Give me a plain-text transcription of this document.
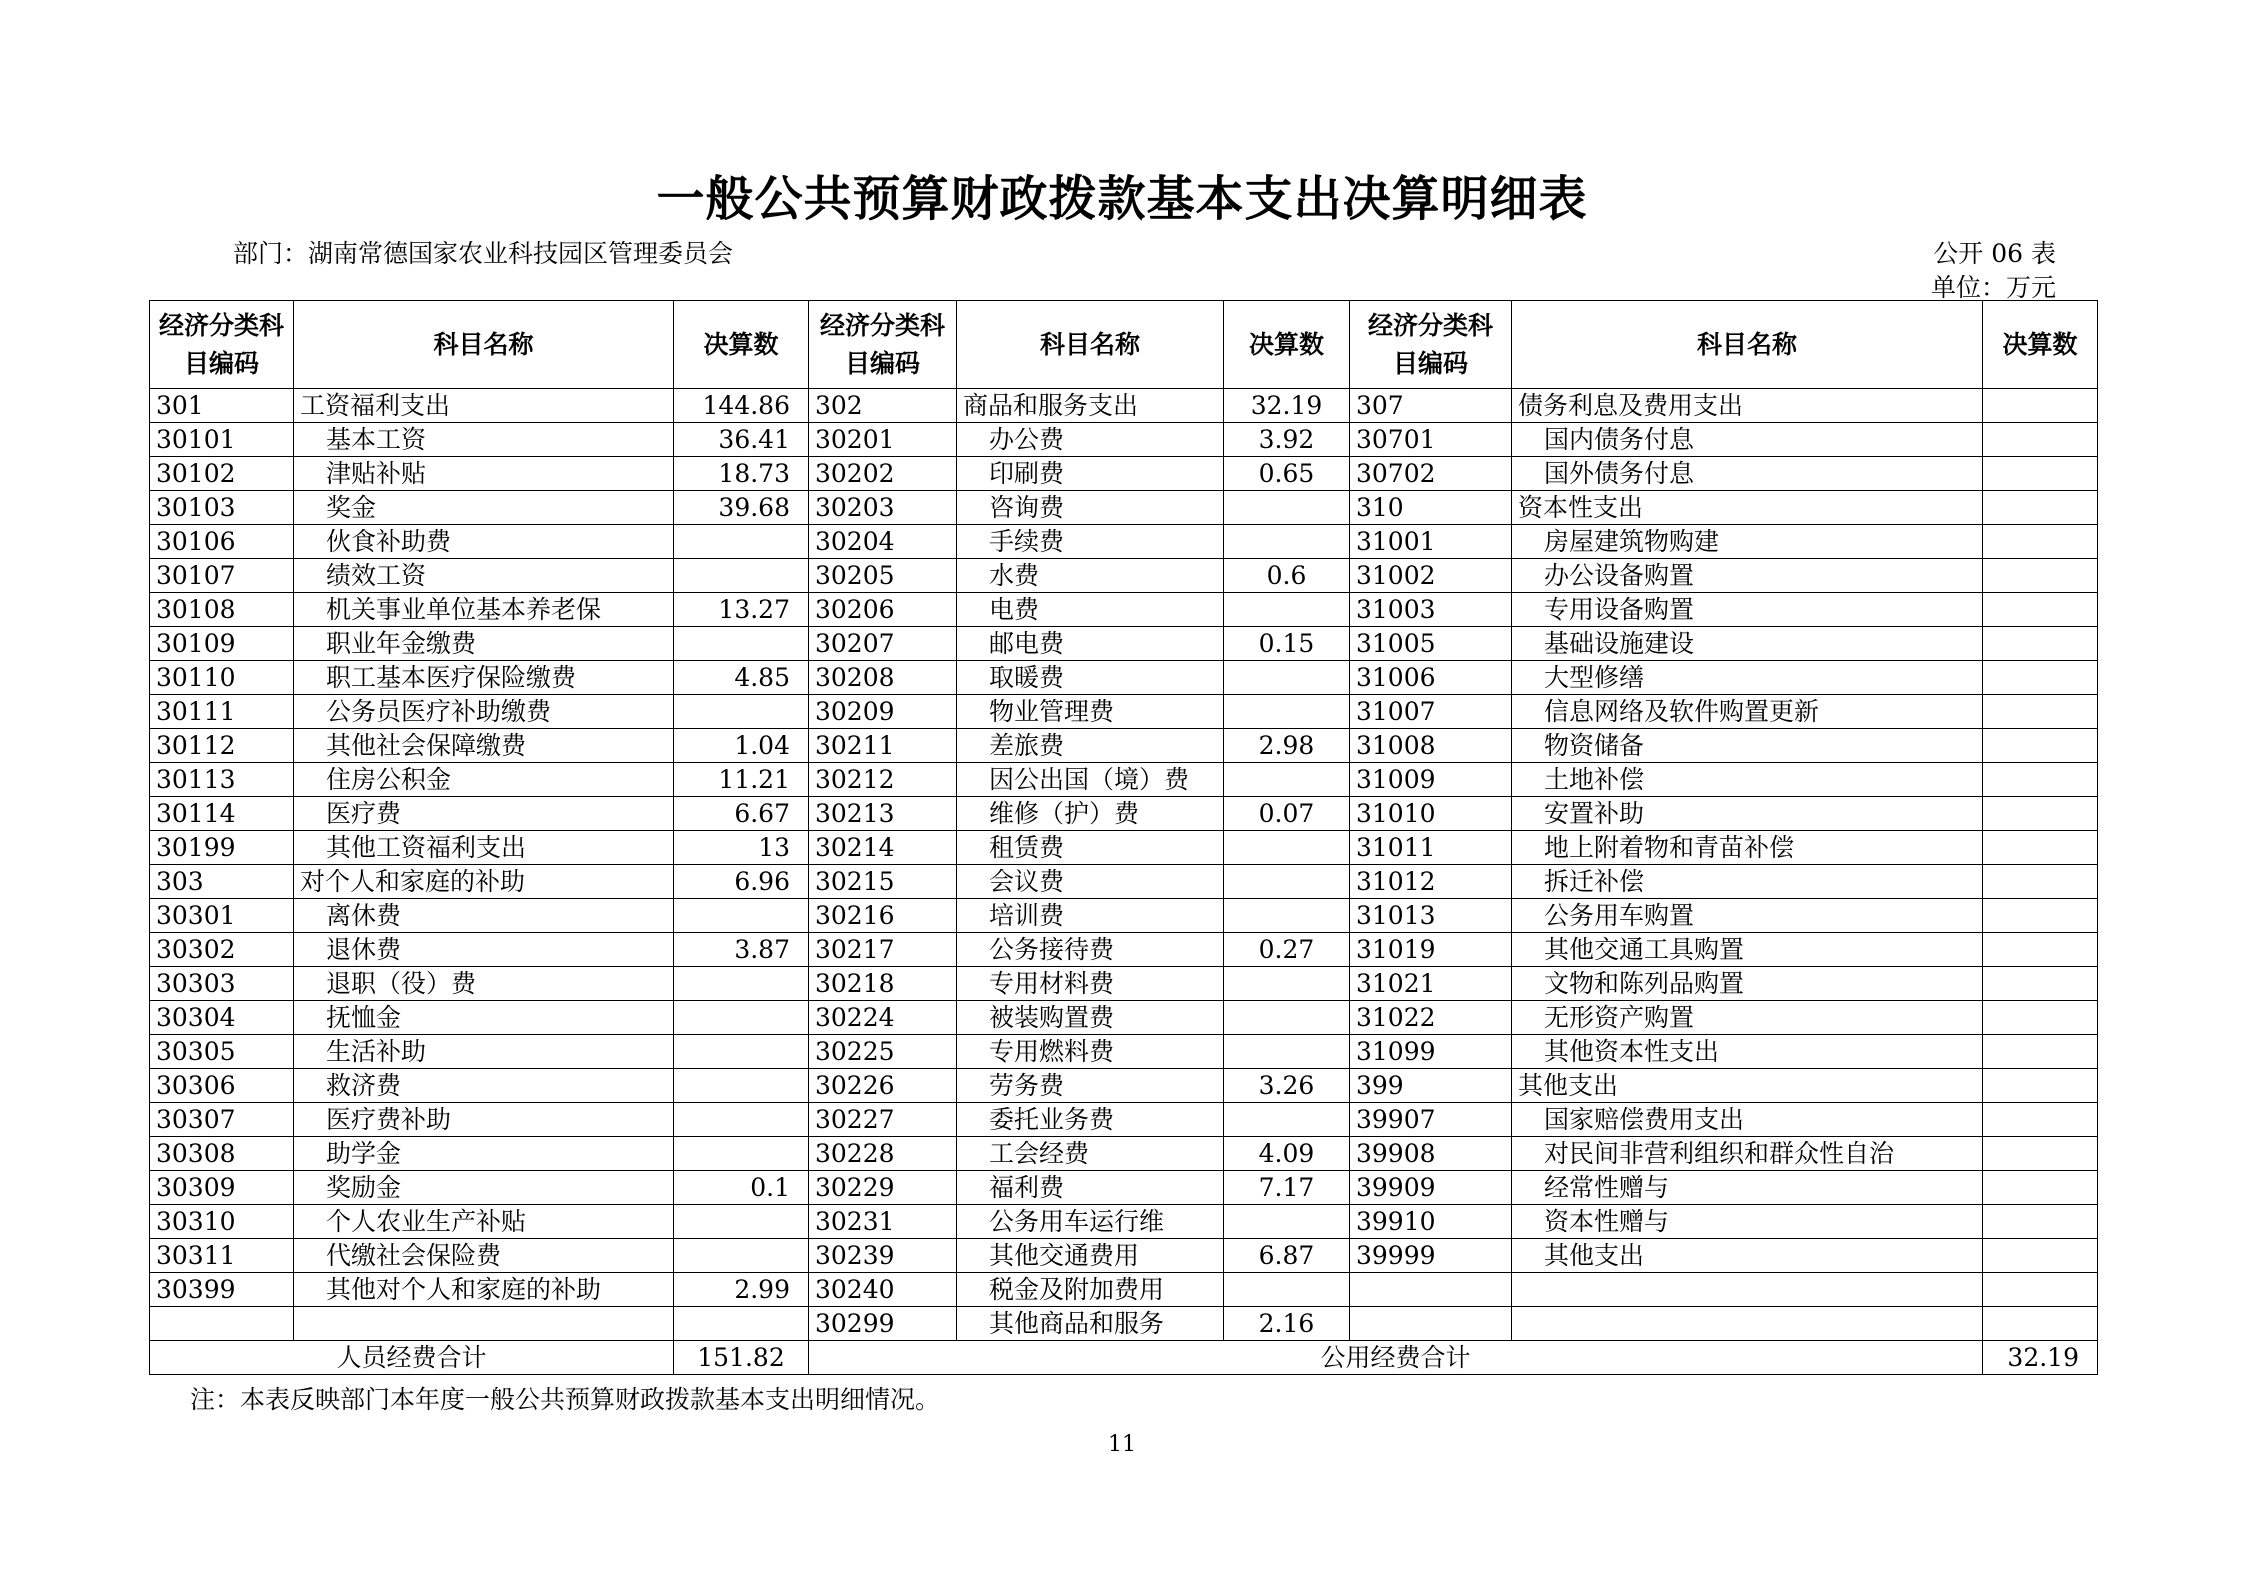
一般公共预算财政拨款基本支出决算明细表
部门：湖南常德国家农业科技园区管理委员会	公开 06 表
单位：万元
经济分类科目编码	科目名称	决算数	经济分类科目编码	科目名称	决算数	经济分类科目编码	科目名称	决算数
301	工资福利支出	144.86	302	商品和服务支出	32.19	307	债务利息及费用支出	
30101	基本工资	36.41	30201	办公费	3.92	30701	国内债务付息	
30102	津贴补贴	18.73	30202	印刷费	0.65	30702	国外债务付息	
30103	奖金	39.68	30203	咨询费		310	资本性支出	
30106	伙食补助费		30204	手续费		31001	房屋建筑物购建	
30107	绩效工资		30205	水费	0.6	31002	办公设备购置	
30108	机关事业单位基本养老保	13.27	30206	电费		31003	专用设备购置	
30109	职业年金缴费		30207	邮电费	0.15	31005	基础设施建设	
30110	职工基本医疗保险缴费	4.85	30208	取暖费		31006	大型修缮	
30111	公务员医疗补助缴费		30209	物业管理费		31007	信息网络及软件购置更新	
30112	其他社会保障缴费	1.04	30211	差旅费	2.98	31008	物资储备	
30113	住房公积金	11.21	30212	因公出国（境）费		31009	土地补偿	
30114	医疗费	6.67	30213	维修（护）费	0.07	31010	安置补助	
30199	其他工资福利支出	13	30214	租赁费		31011	地上附着物和青苗补偿	
303	对个人和家庭的补助	6.96	30215	会议费		31012	拆迁补偿	
30301	离休费		30216	培训费		31013	公务用车购置	
30302	退休费	3.87	30217	公务接待费	0.27	31019	其他交通工具购置	
30303	退职（役）费		30218	专用材料费		31021	文物和陈列品购置	
30304	抚恤金		30224	被装购置费		31022	无形资产购置	
30305	生活补助		30225	专用燃料费		31099	其他资本性支出	
30306	救济费		30226	劳务费	3.26	399	其他支出	
30307	医疗费补助		30227	委托业务费		39907	国家赔偿费用支出	
30308	助学金		30228	工会经费	4.09	39908	对民间非营利组织和群众性自治	
30309	奖励金	0.1	30229	福利费	7.17	39909	经常性赠与	
30310	个人农业生产补贴		30231	公务用车运行维		39910	资本性赠与	
30311	代缴社会保险费		30239	其他交通费用	6.87	39999	其他支出	
30399	其他对个人和家庭的补助	2.99	30240	税金及附加费用				
			30299	其他商品和服务	2.16			
人员经费合计		151.82	公用经费合计					32.19
注：本表反映部门本年度一般公共预算财政拨款基本支出明细情况。
11
